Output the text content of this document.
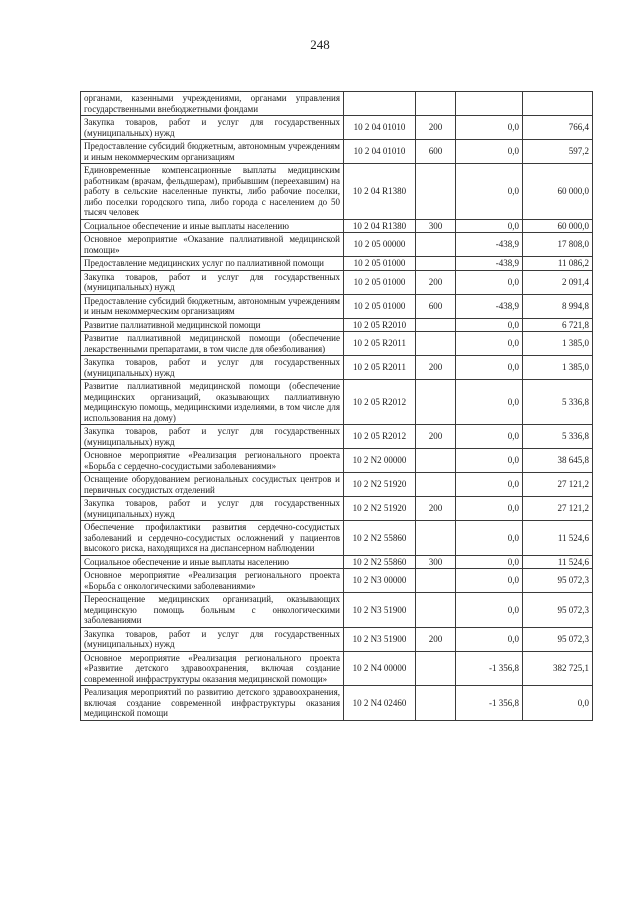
248
органами, казенными учреждениями, органами управления государственными внебюджетными фондами				
Закупка товаров, работ и услуг для государственных (муниципальных) нужд	10 2 04 01010	200	0,0	766,4
Предоставление субсидий бюджетным, автономным учреждениям и иным некоммерческим организациям	10 2 04 01010	600	0,0	597,2
Единовременные компенсационные выплаты медицинским работникам (врачам, фельдшерам), прибывшим (переехавшим) на работу в сельские населенные пункты, либо рабочие поселки, либо поселки городского типа, либо города с населением до 50 тысяч человек	10 2 04 R1380		0,0	60 000,0
Социальное обеспечение и иные выплаты населению	10 2 04 R1380	300	0,0	60 000,0
Основное мероприятие «Оказание паллиативной медицинской помощи»	10 2 05 00000		-438,9	17 808,0
Предоставление медицинских услуг по паллиативной помощи	10 2 05 01000		-438,9	11 086,2
Закупка товаров, работ и услуг для государственных (муниципальных) нужд	10 2 05 01000	200	0,0	2 091,4
Предоставление субсидий бюджетным, автономным учреждениям и иным некоммерческим организациям	10 2 05 01000	600	-438,9	8 994,8
Развитие паллиативной медицинской помощи	10 2 05 R2010		0,0	6 721,8
Развитие паллиативной медицинской помощи (обеспечение лекарственными препаратами, в том числе для обезболивания)	10 2 05 R2011		0,0	1 385,0
Закупка товаров, работ и услуг для государственных (муниципальных) нужд	10 2 05 R2011	200	0,0	1 385,0
Развитие паллиативной медицинской помощи (обеспечение медицинских организаций, оказывающих паллиативную медицинскую помощь, медицинскими изделиями, в том числе для использования на дому)	10 2 05 R2012		0,0	5 336,8
Закупка товаров, работ и услуг для государственных (муниципальных) нужд	10 2 05 R2012	200	0,0	5 336,8
Основное мероприятие «Реализация регионального проекта «Борьба с сердечно-сосудистыми заболеваниями»	10 2 N2 00000		0,0	38 645,8
Оснащение оборудованием региональных сосудистых центров и первичных сосудистых отделений	10 2 N2 51920		0,0	27 121,2
Закупка товаров, работ и услуг для государственных (муниципальных) нужд	10 2 N2 51920	200	0,0	27 121,2
Обеспечение профилактики развития сердечно-сосудистых заболеваний и сердечно-сосудистых осложнений у пациентов высокого риска, находящихся на диспансерном наблюдении	10 2 N2 55860		0,0	11 524,6
Социальное обеспечение и иные выплаты населению	10 2 N2 55860	300	0,0	11 524,6
Основное мероприятие «Реализация регионального проекта «Борьба с онкологическими заболеваниями»	10 2 N3 00000		0,0	95 072,3
Переоснащение медицинских организаций, оказывающих медицинскую помощь больным с онкологическими заболеваниями	10 2 N3 51900		0,0	95 072,3
Закупка товаров, работ и услуг для государственных (муниципальных) нужд	10 2 N3 51900	200	0,0	95 072,3
Основное мероприятие «Реализация регионального проекта «Развитие детского здравоохранения, включая создание современной инфраструктуры оказания медицинской помощи»	10 2 N4 00000		-1 356,8	382 725,1
Реализация мероприятий по развитию детского здравоохранения, включая создание современной инфраструктуры оказания медицинской помощи	10 2 N4 02460		-1 356,8	0,0
